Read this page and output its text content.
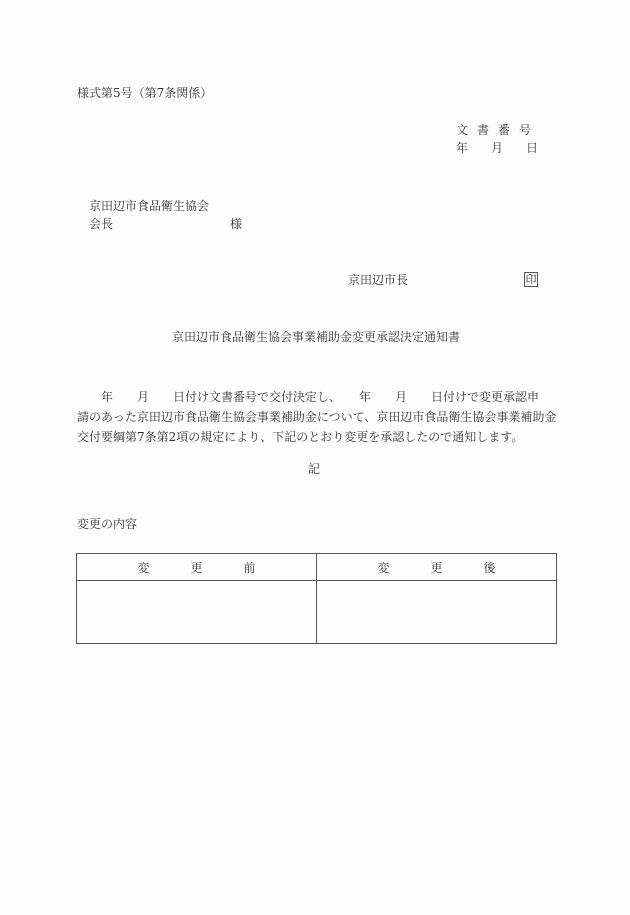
様式第5号（第7条関係）
文 書 番 号
年 月 日
京田辺市食品衛生協会
会長	様
京田辺市長	印
京田辺市食品衛生協会事業補助金変更承認決定通知書
　　年　　月　　日付け文書番号で交付決定し、　　年　　月　　日付けで変更承認申
請のあった京田辺市食品衛生協会事業補助金について、京田辺市食品衛生協会事業補助金
交付要綱第7条第2項の規定により、下記のとおり変更を承認したので通知します。
記
変更の内容
変 更 前	変 更 後
